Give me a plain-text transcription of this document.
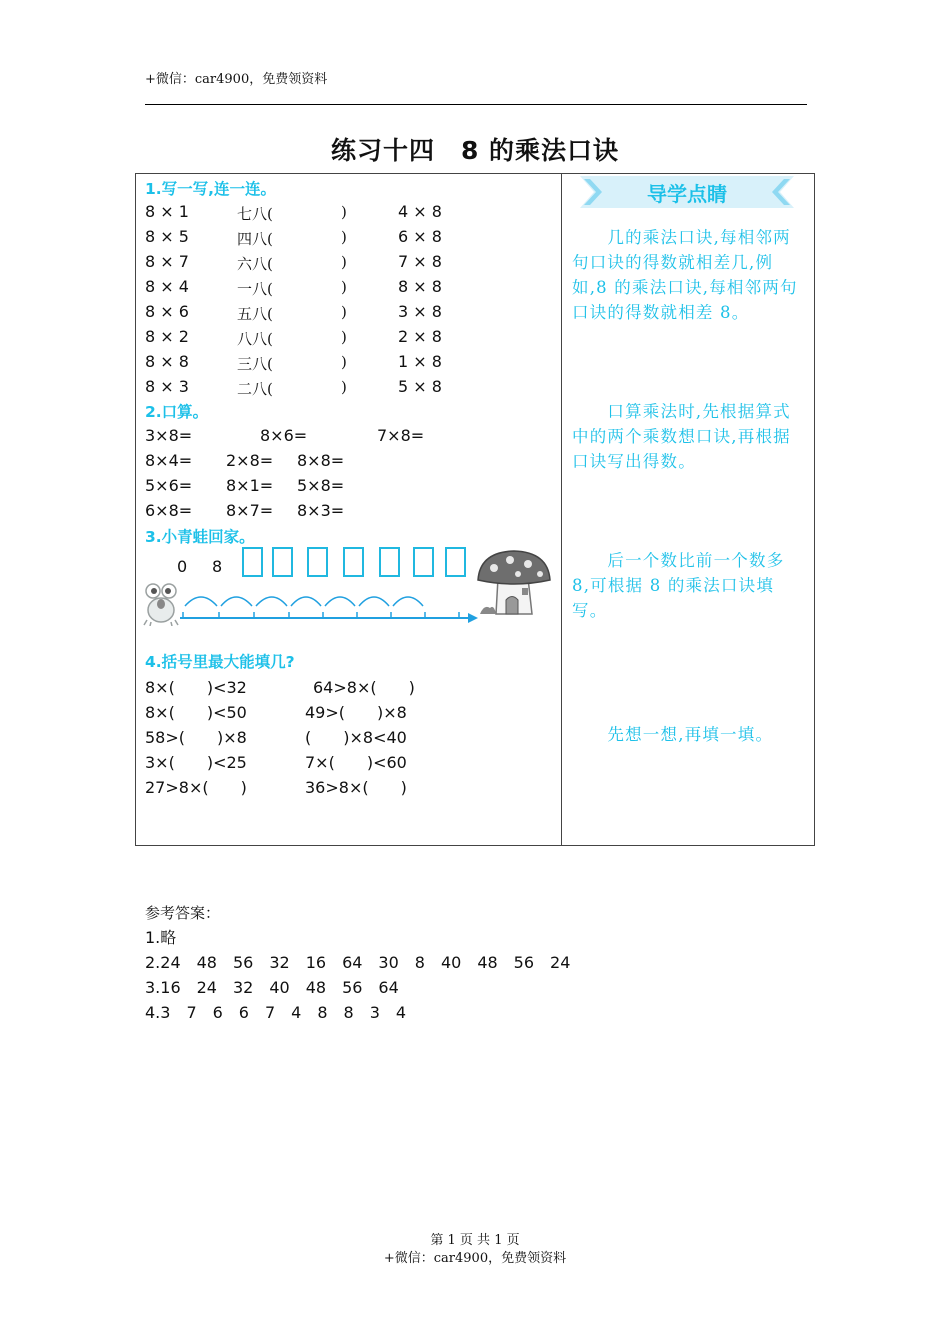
+微信：car4900，免费领资料
练习十四　8 的乘法口诀
1.写一写,连一连。
8 × 1	七八(	)	4 × 8
8 × 5	四八(	)	6 × 8
8 × 7	六八(	)	7 × 8
8 × 4	一八(	)	8 × 8
8 × 6	五八(	)	3 × 8
8 × 2	八八(	)	2 × 8
8 × 8	三八(	)	1 × 8
8 × 3	二八(	)	5 × 8
2.口算。
3×8=	8×6=	7×8=
8×4= 2×8= 8×8=
5×6= 8×1= 5×8=
6×8= 8×7= 8×3=
3.小青蛙回家。
0 8
4.括号里最大能填几?
8×(　　)<32	64>8×(　　)
8×(　　)<50	49>(　　)×8
58>(　　)×8	(　　)×8<40
3×(　　)<25	7×(　　)<60
27>8×(　　)	36>8×(　　)
导学点睛
　　几的乘法口诀,每相邻两句口诀的得数就相差几,例如,8 的乘法口诀,每相邻两句口诀的得数就相差 8。
　　口算乘法时,先根据算式中的两个乘数想口诀,再根据口诀写出得数。
　　后一个数比前一个数多 8,可根据 8 的乘法口诀填写。
　　先想一想,再填一填。
参考答案：
1.略
2.24　48　56　32　16　64　30　8　40　48　56　24
3.16　24　32　40　48　56　64
4.3　7　6　6　7　4　8　8　3　4
第 1 页 共 1 页
+微信：car4900，免费领资料
